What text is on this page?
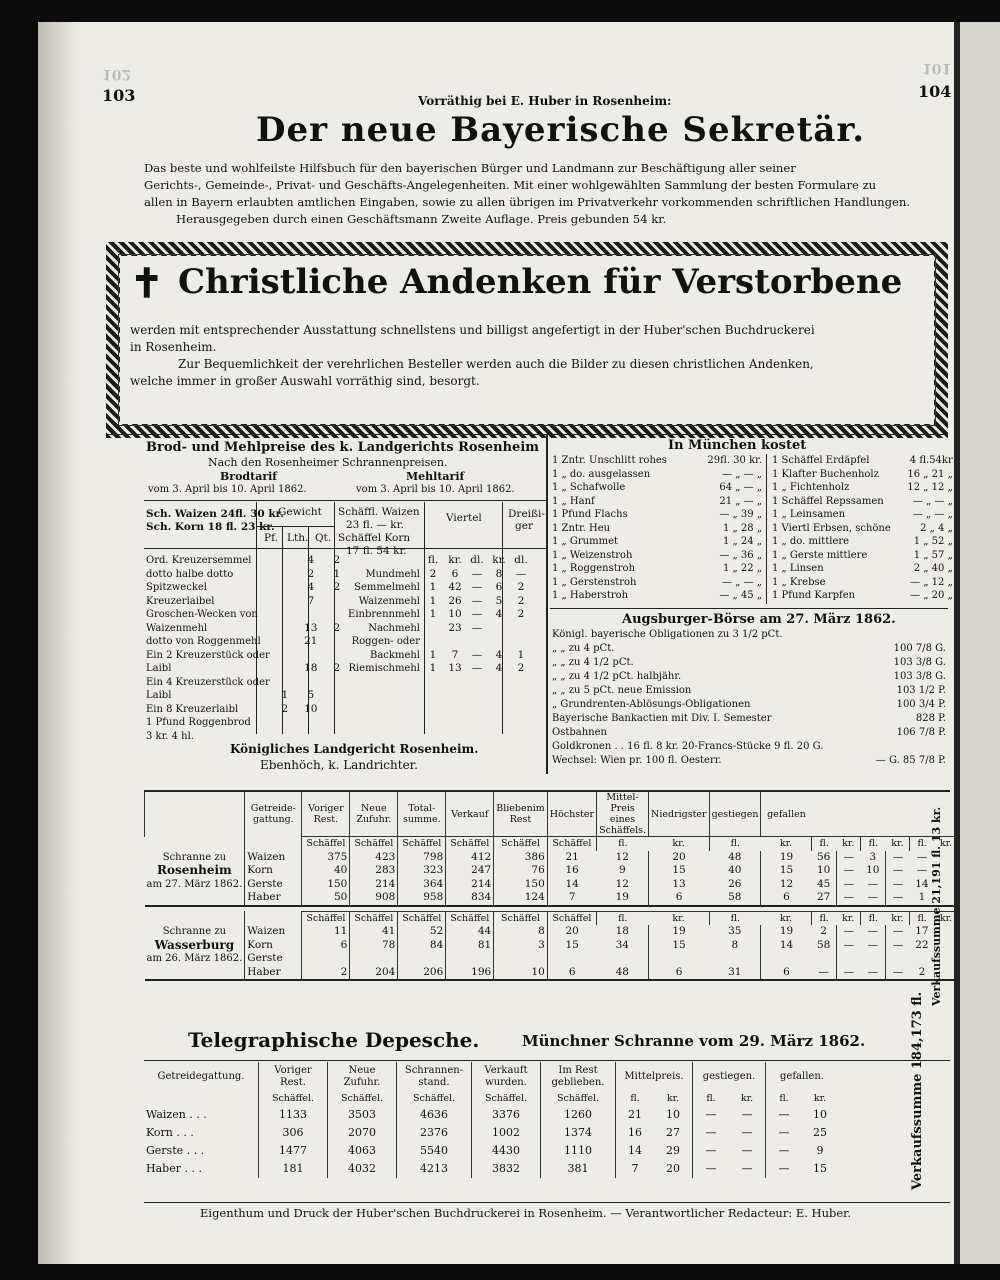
102
103
101
104
Vorräthig bei E. Huber in Rosenheim:
Der neue Bayerische Sekretär.
Das beste und wohlfeilste Hilfsbuch für den bayerischen Bürger und Landmann zur Beschäftigung aller seiner
Gerichts-, Gemeinde-, Privat- und Geschäfts-Angelegenheiten. Mit einer wohlgewählten Sammlung der besten Formulare zu
allen in Bayern erlaubten amtlichen Eingaben, sowie zu allen übrigen im Privatverkehr vorkommenden schriftlichen Handlungen.
Herausgegeben durch einen Geschäftsmann Zweite Auflage. Preis gebunden 54 kr.
✝ Christliche Andenken für Verstorbene
werden mit entsprechender Ausstattung schnellstens und billigst angefertigt in der Huber'schen Buchdruckerei
in Rosenheim.
Zur Bequemlichkeit der verehrlichen Besteller werden auch die Bilder zu diesen christlichen Andenken,
welche immer in großer Auswahl vorräthig sind, besorgt.
Brod- und Mehlpreise des k. Landgerichts Rosenheim
Nach den Rosenheimer Schrannenpreisen.
Brodtarif
vom 3. April bis 10. April 1862.
Mehltarif
vom 3. April bis 10. April 1862.
Sch. Waizen 24fl. 30 kr.
Sch. Korn 18 fl. 23 kr.
Gewicht
Pf. Lth. Qt.
Ord. Kreuzersemmel		4	2
dotto halbe dotto		2	1
Spitzweckel		4	2
Kreuzerlaibel		7	
Groschen-Wecken von			
Waizenmehl		13	2
dotto von Roggenmehl		21	
Ein 2 Kreuzerstück oder			
Laibl		18	2
Ein 4 Kreuzerstück oder			
Laibl	1	5	
Ein 8 Kreuzerlaibl	2	10	
1 Pfund Roggenbrod			
3 kr. 4 hl.			
Schäffl. Waizen
23 fl. — kr.
Schäffel Korn
17 fl. 54 kr.
Viertel Dreißi-ger
	fl.	kr.	dl.	kr.	dl.
Mundmehl	2	6	—	8	—
Semmelmehl	1	42	—	6	2
Waizenmehl	1	26	—	5	2
Einbrennmehl	1	10	—	4	2
Nachmehl		23	—		
Roggen- oder					
Backmehl	1	7	—	4	1
Riemischmehl	1	13	—	4	2
Königliches Landgericht Rosenheim.
Ebenhöch, k. Landrichter.
In München kostet
1 Zntr. Unschlitt rohes	29fl. 30 kr.
1 „ do. ausgelassen	— „ — „
1 „ Schafwolle	64 „ — „
1 „ Hanf	21 „ — „
1 Pfund Flachs	— „ 39 „
1 Zntr. Heu	1 „ 28 „
1 „ Grummet	1 „ 24 „
1 „ Weizenstroh	— „ 36 „
1 „ Roggenstroh	1 „ 22 „
1 „ Gerstenstroh	— „ — „
1 „ Haberstroh	— „ 45 „
1 Schäffel Erdäpfel	4 fl.54kr
1 Klafter Buchenholz	16 „ 21 „
1 „ Fichtenholz	12 „ 12 „
1 Schäffel Repssamen	— „ — „
1 „ Leinsamen	— „ — „
1 Viertl Erbsen, schöne	2 „ 4 „
1 „ do. mittlere	1 „ 52 „
1 „ Gerste mittlere	1 „ 57 „
1 „ Linsen	2 „ 40 „
1 „ Krebse	— „ 12 „
1 Pfund Karpfen	— „ 20 „
Augsburger-Börse am 27. März 1862.
Königl. bayerische Obligationen zu 3 1/2 pCt.	
„ „ zu 4 pCt.	100 7/8 G.
„ „ zu 4 1/2 pCt.	103 3/8 G.
„ „ zu 4 1/2 pCt. halbjähr.	103 3/8 G.
„ „ zu 5 pCt. neue Emission	103 1/2 P.
„ Grundrenten-Ablösungs-Obligationen	100 3/4 P.
Bayerische Bankactien mit Div. I. Semester	828 P.
Ostbahnen	106 7/8 P.
Goldkronen . . 16 fl. 8 kr. 20-Francs-Stücke 9 fl. 20 G.	
Wechsel: Wien pr. 100 fl. Oesterr.	— G. 85 7/8 P.
	Getreide-gattung.	Voriger Rest.	Neue Zufuhr.	Total-summe.	Verkauf	Bliebenim Rest	Höchster	Mittel-Preis eines Schäffels.	Niedrigster	gestiegen	gefallen						
		Schäffel	Schäffel	Schäffel	Schäffel	Schäffel	Schäffel	fl.	kr.	fl.	kr.	fl.	kr.	fl.	kr.	fl.	kr.
Schranne zu	Waizen	375	423	798	412	386	21	12	20	48	19	56	—	3	—	—	
Rosenheim	Korn	40	283	323	247	76	16	9	15	40	15	10	—	10	—	—	
am 27. März 1862.	Gerste	150	214	364	214	150	14	12	13	26	12	45	—	—	—	14	
	Haber	50	908	958	834	124	7	19	6	58	6	27	—	—	—	1	

		Schäffel	Schäffel	Schäffel	Schäffel	Schäffel	Schäffel	fl.	kr.	fl.	kr.	fl.	kr.	fl.	kr.	fl.	kr.
Schranne zu	Waizen	11	41	52	44	8	20	18	19	35	19	2	—	—	—	17	
Wasserburg	Korn	6	78	84	81	3	15	34	15	8	14	58	—	—	—	22	
am 26. März 1862.	Gerste																
	Haber	2	204	206	196	10	6	48	6	31	6	—	—	—	—	2	Verkaufssumme 21,191 fl. 13 kr.
Telegraphische Depesche.	Münchner Schranne vom 29. März 1862.
Getreidegattung.	Voriger Rest.	Neue Zufuhr.	Schrannen-stand.	Verkauft wurden.	Im Rest geblieben.	Mittelpreis.		gestiegen.		gefallen.	
	Schäffel.	Schäffel.	Schäffel.	Schäffel.	Schäffel.	fl.	kr.	fl.	kr.	fl.	kr.
Waizen . . .	1133	3503	4636	3376	1260	21	10	—	—	—	10
Korn . . .	306	2070	2376	1002	1374	16	27	—	—	—	25
Gerste . . .	1477	4063	5540	4430	1110	14	29	—	—	—	9
Haber . . .	181	4032	4213	3832	381	7	20	—	—	—	15	Verkaufssumme 184,173 fl.
Eigenthum und Druck der Huber'schen Buchdruckerei in Rosenheim. — Verantwortlicher Redacteur: E. Huber.
